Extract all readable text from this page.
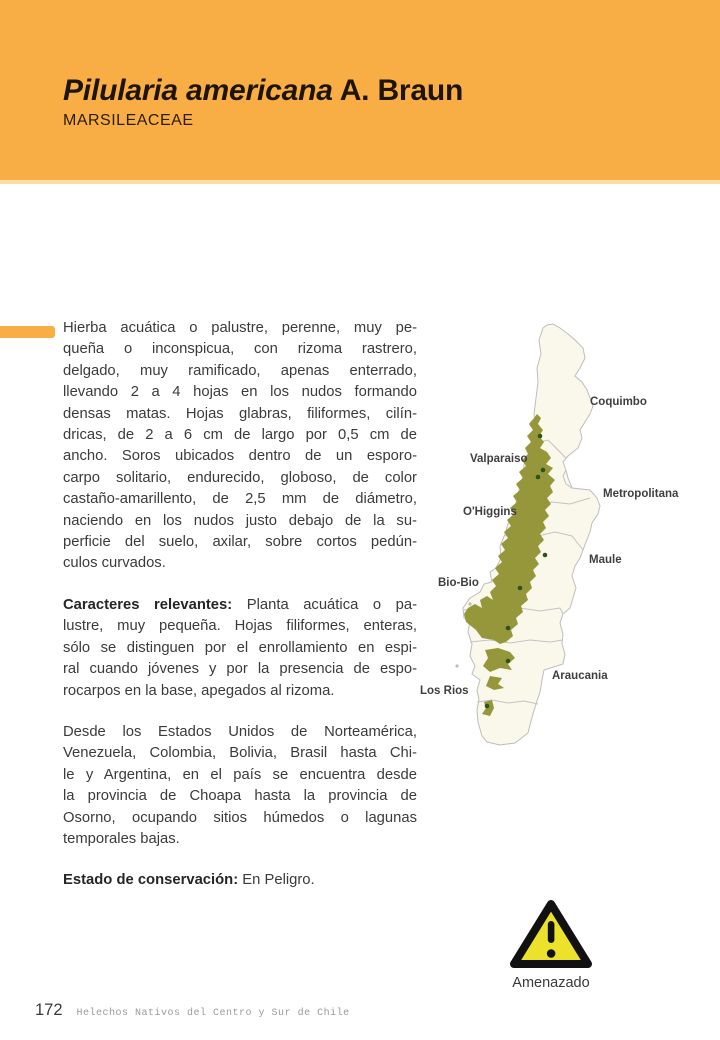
Pilularia americana A. Braun
MARSILEACEAE
Hierba acuática o palustre, perenne, muy pe-
queña o inconspicua, con rizoma rastrero,
delgado, muy ramificado, apenas enterrado,
llevando 2 a 4 hojas en los nudos formando
densas matas. Hojas glabras, filiformes, cilín-
dricas, de 2 a 6 cm de largo por 0,5 cm de
ancho. Soros ubicados dentro de un esporo-
carpo solitario, endurecido, globoso, de color
castaño-amarillento, de 2,5 mm de diámetro,
naciendo en los nudos justo debajo de la su-
perficie del suelo, axilar, sobre cortos pedún-
culos curvados.
Caracteres relevantes: Planta acuática o pa-
lustre, muy pequeña. Hojas filiformes, enteras,
sólo se distinguen por el enrollamiento en espi-
ral cuando jóvenes y por la presencia de espo-
rocarpos en la base, apegados al rizoma.
Desde los Estados Unidos de Norteamérica,
Venezuela, Colombia, Bolivia, Brasil hasta Chi-
le y Argentina, en el país se encuentra desde
la provincia de Choapa hasta la provincia de
Osorno, ocupando sitios húmedos o lagunas
temporales bajas.
Estado de conservación: En Peligro.
Coquimbo
Valparaiso
Metropolitana
O'Higgins
Maule
Bio-Bio
Araucania
Los Rios
Amenazado
172 Helechos Nativos del Centro y Sur de Chile
